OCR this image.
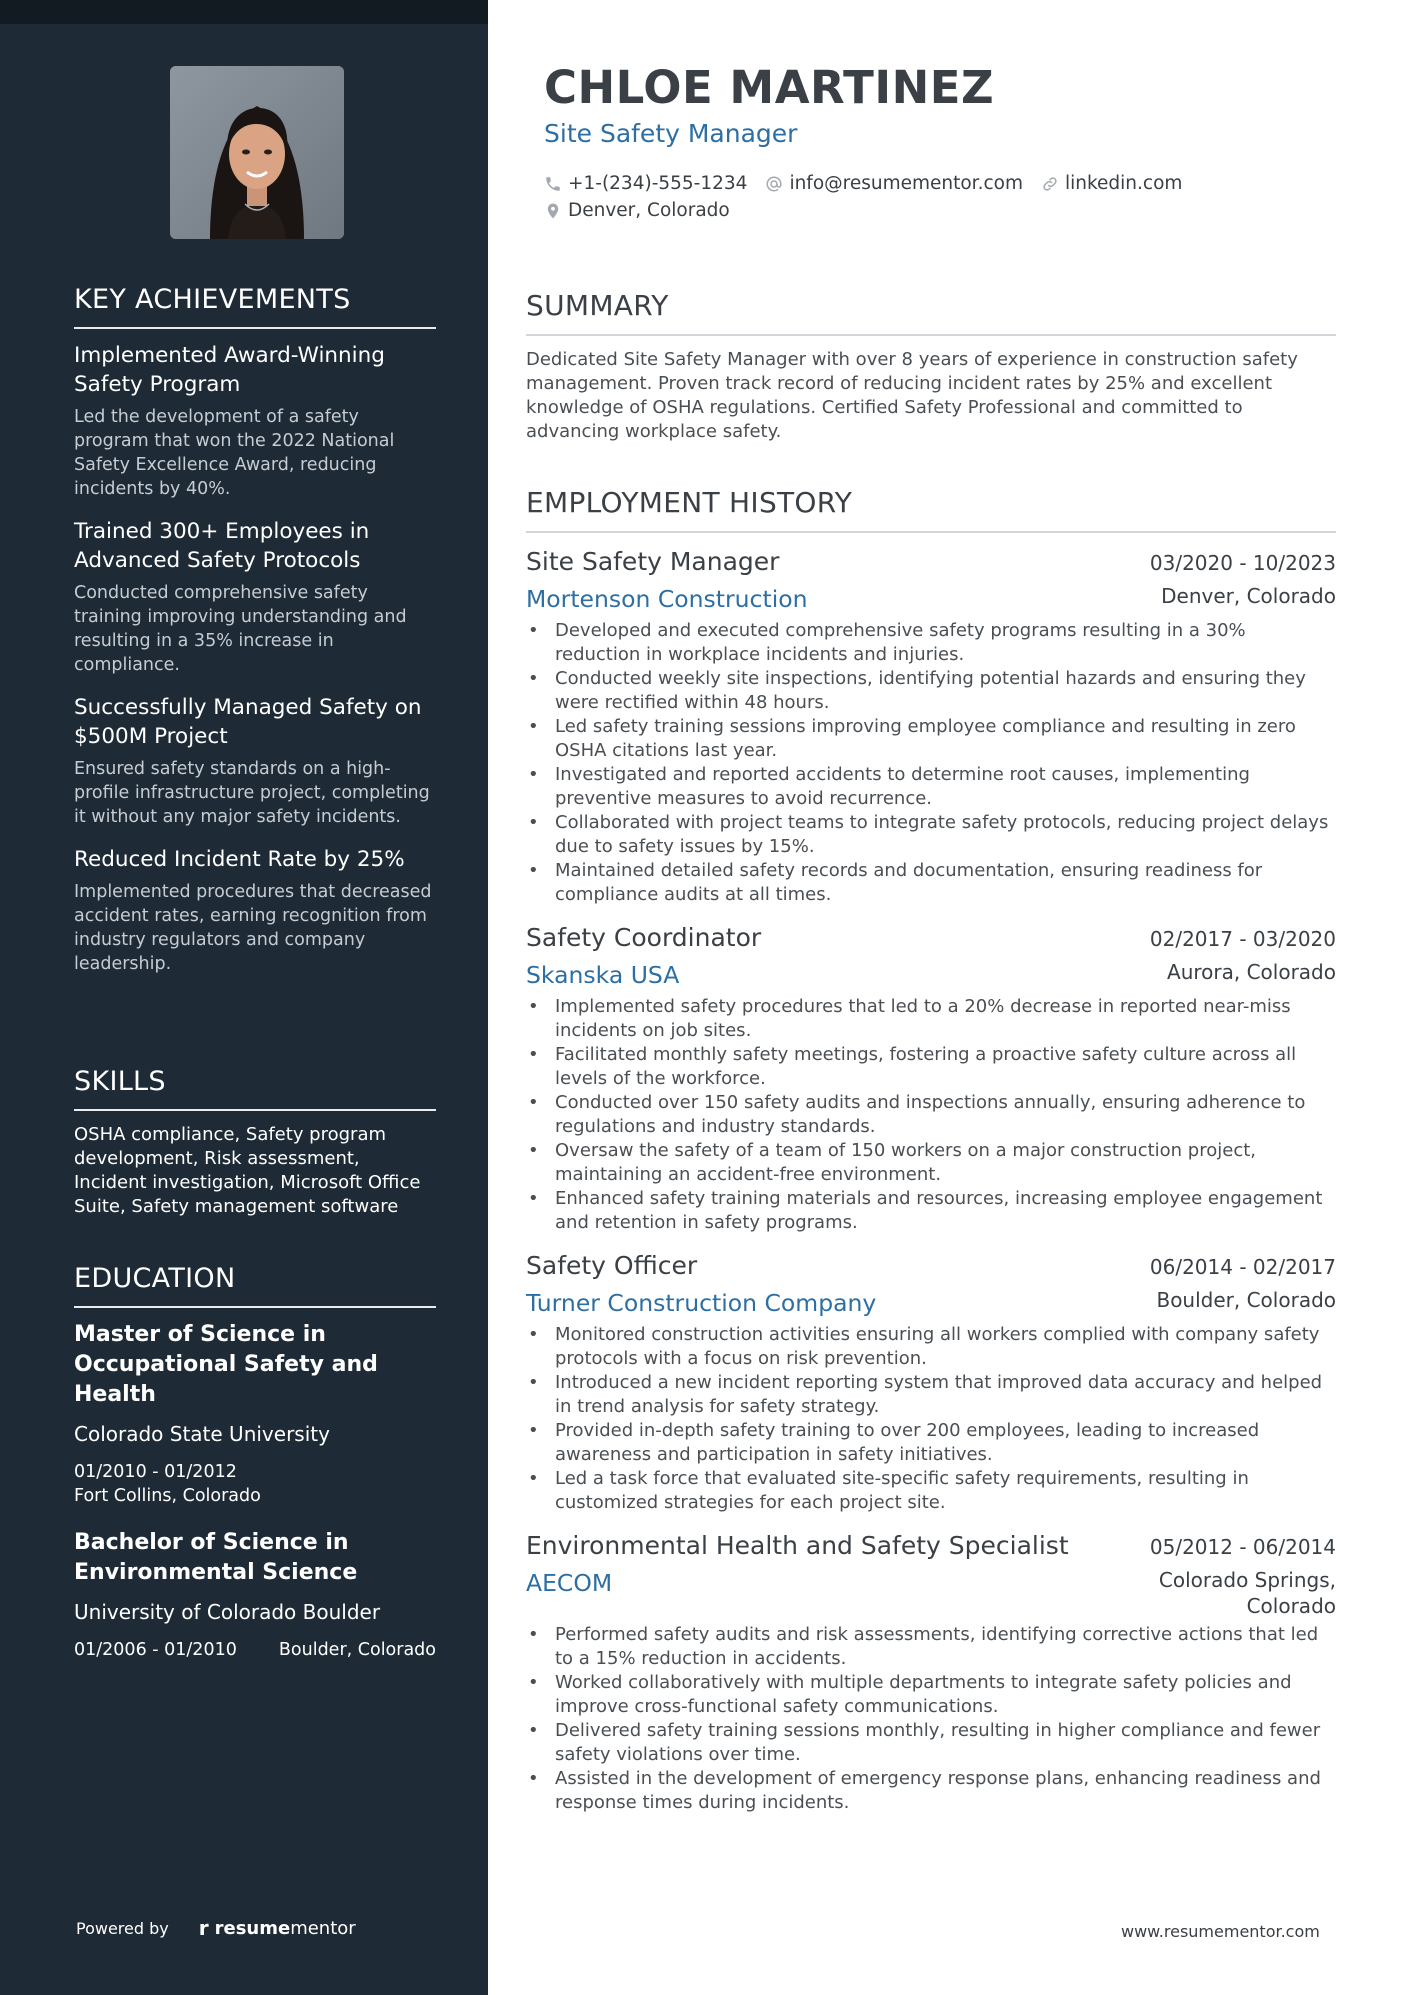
KEY ACHIEVEMENTS
Implemented Award-Winning Safety Program
Led the development of a safety program that won the 2022 National Safety Excellence Award, reducing incidents by 40%.
Trained 300+ Employees in Advanced Safety Protocols
Conducted comprehensive safety training improving understanding and resulting in a 35% increase in compliance.
Successfully Managed Safety on $500M Project
Ensured safety standards on a high-profile infrastructure project, completing it without any major safety incidents.
Reduced Incident Rate by 25%
Implemented procedures that decreased accident rates, earning recognition from industry regulators and company leadership.
SKILLS
OSHA compliance, Safety program development, Risk assessment, Incident investigation, Microsoft Office Suite, Safety management software
EDUCATION
Master of Science in Occupational Safety and Health
Colorado State University
01/2010 - 01/2012
Fort Collins, Colorado
Bachelor of Science in Environmental Science
University of Colorado Boulder
01/2006 - 01/2010 Boulder, Colorado
Powered by r resumementor
CHLOE MARTINEZ
Site Safety Manager
+1-(234)-555-1234 info@resumementor.com linkedin.com
Denver, Colorado
SUMMARY

Dedicated Site Safety Manager with over 8 years of experience in construction safety management. Proven track record of reducing incident rates by 25% and excellent knowledge of OSHA regulations. Certified Safety Professional and committed to advancing workplace safety.

EMPLOYMENT HISTORY
Site Safety Manager	03/2020 - 10/2023
Mortenson Construction	Denver, Colorado
• Developed and executed comprehensive safety programs resulting in a 30% reduction in workplace incidents and injuries.
• Conducted weekly site inspections, identifying potential hazards and ensuring they were rectified within 48 hours.
• Led safety training sessions improving employee compliance and resulting in zero OSHA citations last year.
• Investigated and reported accidents to determine root causes, implementing preventive measures to avoid recurrence.
• Collaborated with project teams to integrate safety protocols, reducing project delays due to safety issues by 15%.
• Maintained detailed safety records and documentation, ensuring readiness for compliance audits at all times.
Safety Coordinator	02/2017 - 03/2020
Skanska USA	Aurora, Colorado
• Implemented safety procedures that led to a 20% decrease in reported near-miss incidents on job sites.
• Facilitated monthly safety meetings, fostering a proactive safety culture across all levels of the workforce.
• Conducted over 150 safety audits and inspections annually, ensuring adherence to regulations and industry standards.
• Oversaw the safety of a team of 150 workers on a major construction project, maintaining an accident-free environment.
• Enhanced safety training materials and resources, increasing employee engagement and retention in safety programs.
Safety Officer	06/2014 - 02/2017
Turner Construction Company	Boulder, Colorado
• Monitored construction activities ensuring all workers complied with company safety protocols with a focus on risk prevention.
• Introduced a new incident reporting system that improved data accuracy and helped in trend analysis for safety strategy.
• Provided in-depth safety training to over 200 employees, leading to increased awareness and participation in safety initiatives.
• Led a task force that evaluated site-specific safety requirements, resulting in customized strategies for each project site.
Environmental Health and Safety Specialist	05/2012 - 06/2014
AECOM	Colorado Springs, Colorado
• Performed safety audits and risk assessments, identifying corrective actions that led to a 15% reduction in accidents.
• Worked collaboratively with multiple departments to integrate safety policies and improve cross-functional safety communications.
• Delivered safety training sessions monthly, resulting in higher compliance and fewer safety violations over time.
• Assisted in the development of emergency response plans, enhancing readiness and response times during incidents.
www.resumementor.com
